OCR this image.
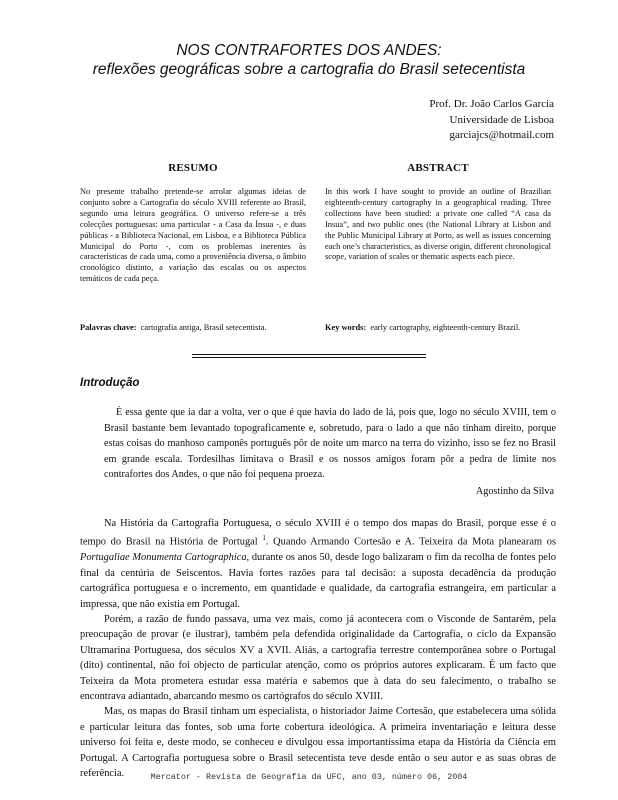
NOS CONTRAFORTES DOS ANDES:
reflexões geográficas sobre a cartografia do Brasil setecentista
Prof. Dr. João Carlos Garcia
Universidade de Lisboa
garciajcs@hotmail.com
RESUMO

No presente trabalho pretende-se arrolar algumas ideias de conjunto sobre a Cartografia do século XVIII referente ao Brasil, segundo uma leitura geográfica. O universo refere-se a três colecções portuguesas: uma particular - a Casa da Ínsua -, e duas públicas - a Biblioteca Nacional, em Lisboa, e a Biblioteca Pública Municipal do Porto -, com os problemas inerentes às características de cada uma, como a proveniência diversa, o âmbito cronológico distinto, a variação das escalas ou os aspectos temáticos de cada peça.

Palavras chave: cartografia antiga, Brasil setecentista.
ABSTRACT

In this work I have sought to provide an outline of Brazilian eighteenth-century cartography in a geographical reading. Three collections have been studied: a private one called “A casa da Insua”, and two public ones (the National Library at Lisbon and the Public Municipal Library at Porto, as well as issues concerning each one’s characteristics, as diverse origin, different chronological scope, variation of scales or thematic aspects each piece.

Key words: early cartography, eighteenth-century Brazil.
Introdução
É essa gente que ia dar a volta, ver o que é que havia do lado de lá, pois que, logo no século XVIII, tem o Brasil bastante bem levantado topograficamente e, sobretudo, para o lado a que não tinham direito, porque estas coisas do manhoso camponês português pôr de noite um marco na terra do vizinho, isso se fez no Brasil em grande escala. Tordesilhas limitava o Brasil e os nossos amigos foram pôr a pedra de limite nos contrafortes dos Andes, o que não foi pequena proeza.
Agostinho da Silva

Na História da Cartografia Portuguesa, o século XVIII é o tempo dos mapas do Brasil, porque esse é o tempo do Brasil na História de Portugal $^1$. Quando Armando Cortesão e A. Teixeira da Mota planearam os Portugaliae Monumenta Cartographica, durante os anos 50, desde logo balizaram o fim da recolha de fontes pelo final da centúria de Seiscentos. Havia fortes razões para tal decisão: a suposta decadência da produção cartográfica portuguesa e o incremento, em quantidade e qualidade, da cartografia estrangeira, em particular a impressa, que não existia em Portugal.

Porém, a razão de fundo passava, uma vez mais, como já acontecera com o Visconde de Santarém, pela preocupação de provar (e ilustrar), também pela defendida originalidade da Cartografia, o ciclo da Expansão Ultramarina Portuguesa, dos séculos XV a XVII. Aliás, a cartografia terrestre contemporânea sobre o Portugal (dito) continental, não foi objecto de particular atenção, como os próprios autores explicaram. É um facto que Teixeira da Mota prometera estudar essa matéria e sabemos que à data do seu falecimento, o trabalho se encontrava adiantado, abarcando mesmo os cartógrafos do século XVIII.

Mas, os mapas do Brasil tinham um especialista, o historiador Jaime Cortesão, que estabelecera uma sólida e particular leitura das fontes, sob uma forte cobertura ideológica. A primeira inventariação e leitura desse universo foi feita e, deste modo, se conheceu e divulgou essa importantíssima etapa da História da Ciência em Portugal. A Cartografia portuguesa sobre o Brasil setecentista teve desde então o seu autor e as suas obras de referência.	Mercator - Revista de Geografia da UFC, ano 03, número 06, 2004
